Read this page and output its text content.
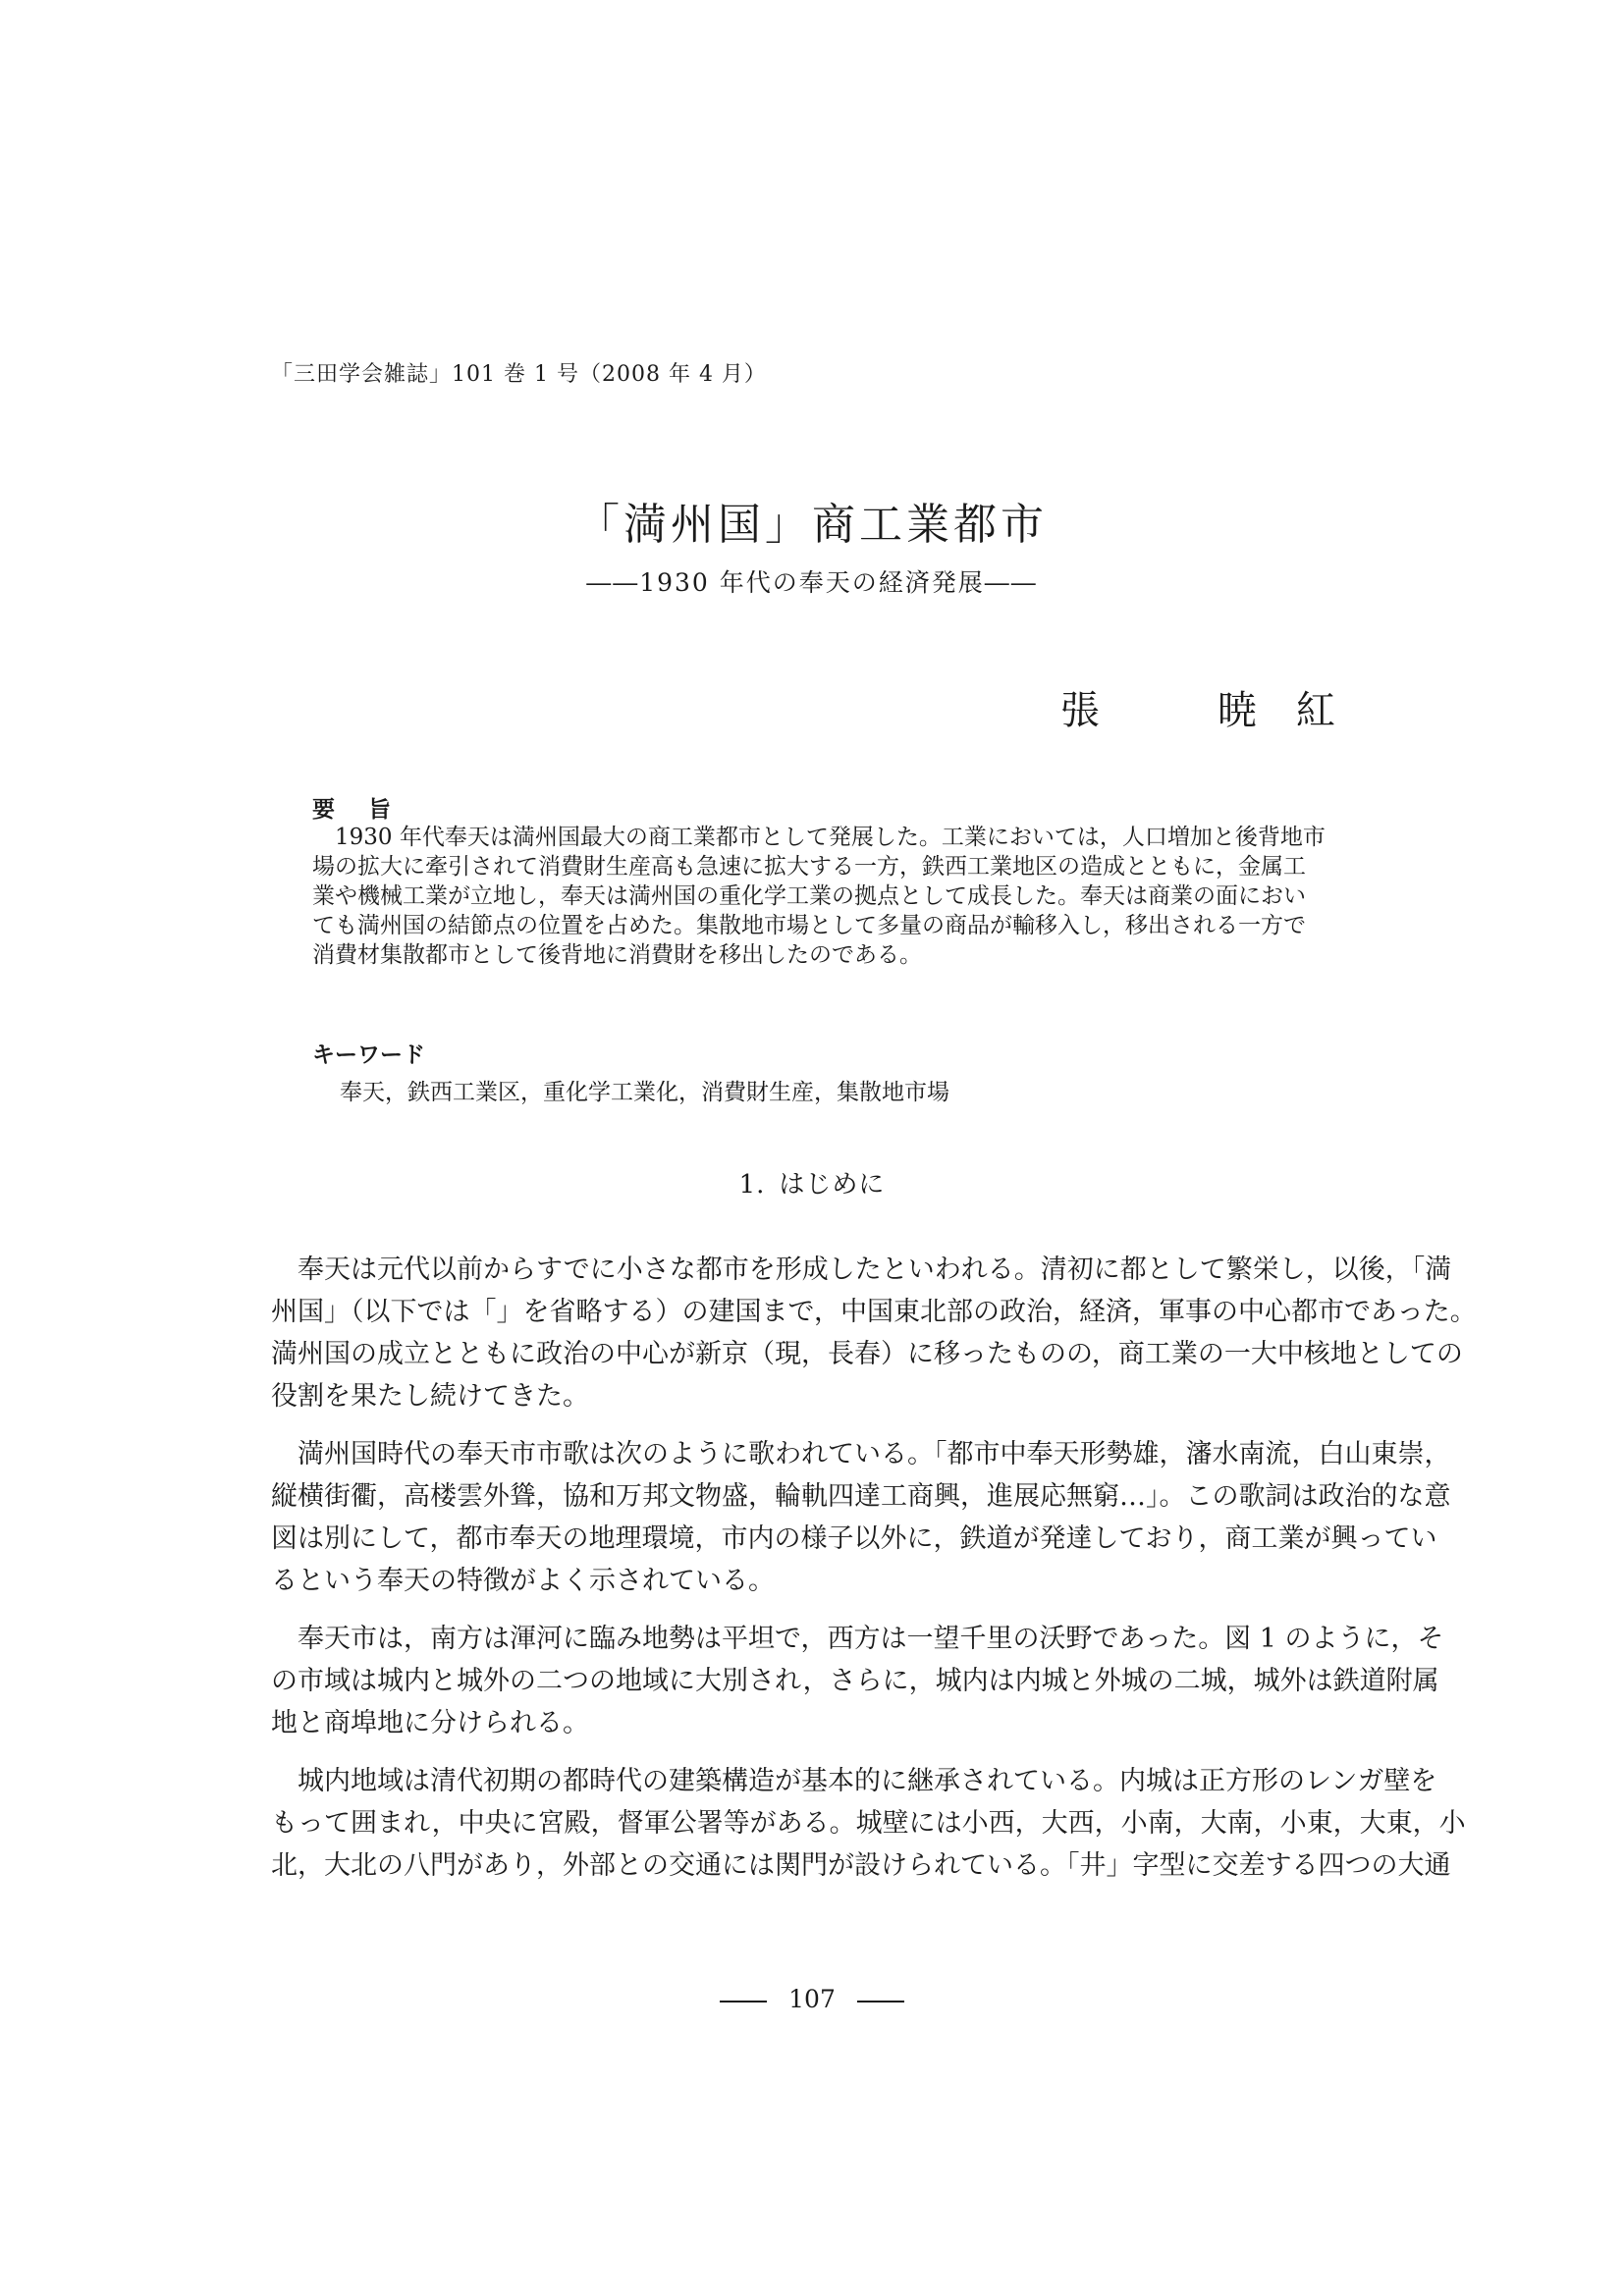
「三田学会雑誌」101 巻 1 号（2008 年 4 月）
「満州国」商工業都市
――1930 年代の奉天の経済発展――
張	暁	紅
要旨
　1930 年代奉天は満州国最大の商工業都市として発展した。工業においては，人口増加と後背地市
場の拡大に牽引されて消費財生産高も急速に拡大する一方，鉄西工業地区の造成とともに，金属工
業や機械工業が立地し，奉天は満州国の重化学工業の拠点として成長した。奉天は商業の面におい
ても満州国の結節点の位置を占めた。集散地市場として多量の商品が輸移入し，移出される一方で
消費材集散都市として後背地に消費財を移出したのである。
キーワード
奉天，鉄西工業区，重化学工業化，消費財生産，集散地市場
1. はじめに
　奉天は元代以前からすでに小さな都市を形成したといわれる。清初に都として繁栄し，以後，「満
州国」（以下では「」を省略する）の建国まで，中国東北部の政治，経済，軍事の中心都市であった。
満州国の成立とともに政治の中心が新京（現，長春）に移ったものの，商工業の一大中核地としての
役割を果たし続けてきた。
　満州国時代の奉天市市歌は次のように歌われている。「都市中奉天形勢雄，瀋水南流，白山東崇，
縦横街衢，高楼雲外聳，協和万邦文物盛，輪軌四達工商興，進展応無窮…」。この歌詞は政治的な意
図は別にして，都市奉天の地理環境，市内の様子以外に，鉄道が発達しており，商工業が興ってい
るという奉天の特徴がよく示されている。
　奉天市は，南方は渾河に臨み地勢は平坦で，西方は一望千里の沃野であった。図 1 のように，そ
の市域は城内と城外の二つの地域に大別され，さらに，城内は内城と外城の二城，城外は鉄道附属
地と商埠地に分けられる。
　城内地域は清代初期の都時代の建築構造が基本的に継承されている。内城は正方形のレンガ壁を
もって囲まれ，中央に宮殿，督軍公署等がある。城壁には小西，大西，小南，大南，小東，大東，小
北，大北の八門があり，外部との交通には関門が設けられている。「井」字型に交差する四つの大通
107
